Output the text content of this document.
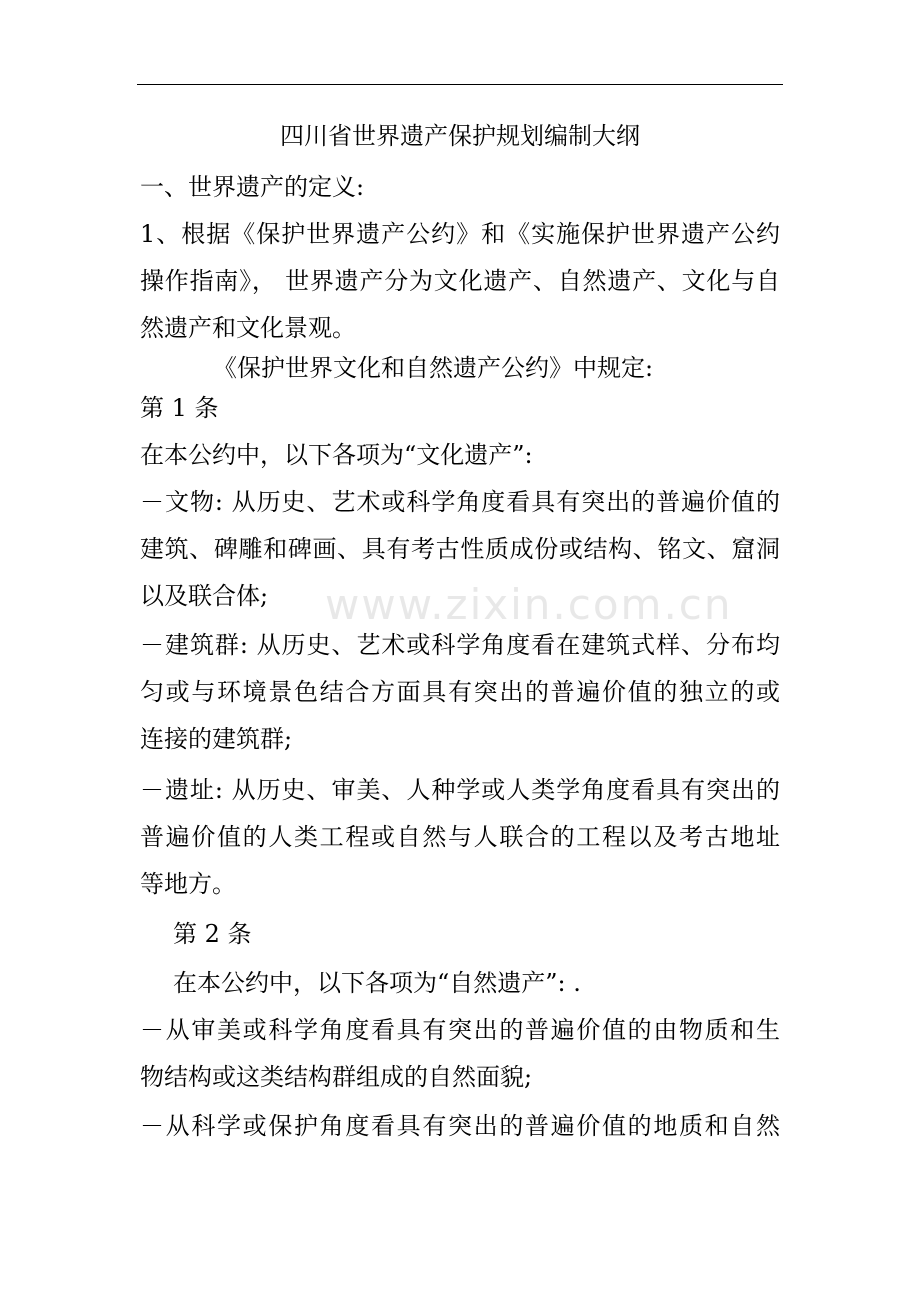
四川省世界遗产保护规划编制大纲
一、世界遗产的定义:
1、根据《保护世界遗产公约》和《实施保护世界遗产公约
操作指南》， 世界遗产分为文化遗产、自然遗产、文化与自
然遗产和文化景观。
《保护世界文化和自然遗产公约》中规定:
第 1 条
在本公约中，以下各项为“文化遗产”:
－文物: 从历史、艺术或科学角度看具有突出的普遍价值的
建筑、碑雕和碑画、具有考古性质成份或结构、铭文、窟洞
以及联合体;
－建筑群: 从历史、艺术或科学角度看在建筑式样、分布均
匀或与环境景色结合方面具有突出的普遍价值的独立的或
连接的建筑群;
－遗址: 从历史、审美、人种学或人类学角度看具有突出的
普遍价值的人类工程或自然与人联合的工程以及考古地址
等地方。
第 2 条
在本公约中，以下各项为“自然遗产”: .
－从审美或科学角度看具有突出的普遍价值的由物质和生
物结构或这类结构群组成的自然面貌;
－从科学或保护角度看具有突出的普遍价值的地质和自然
www.zixin.com.cn
